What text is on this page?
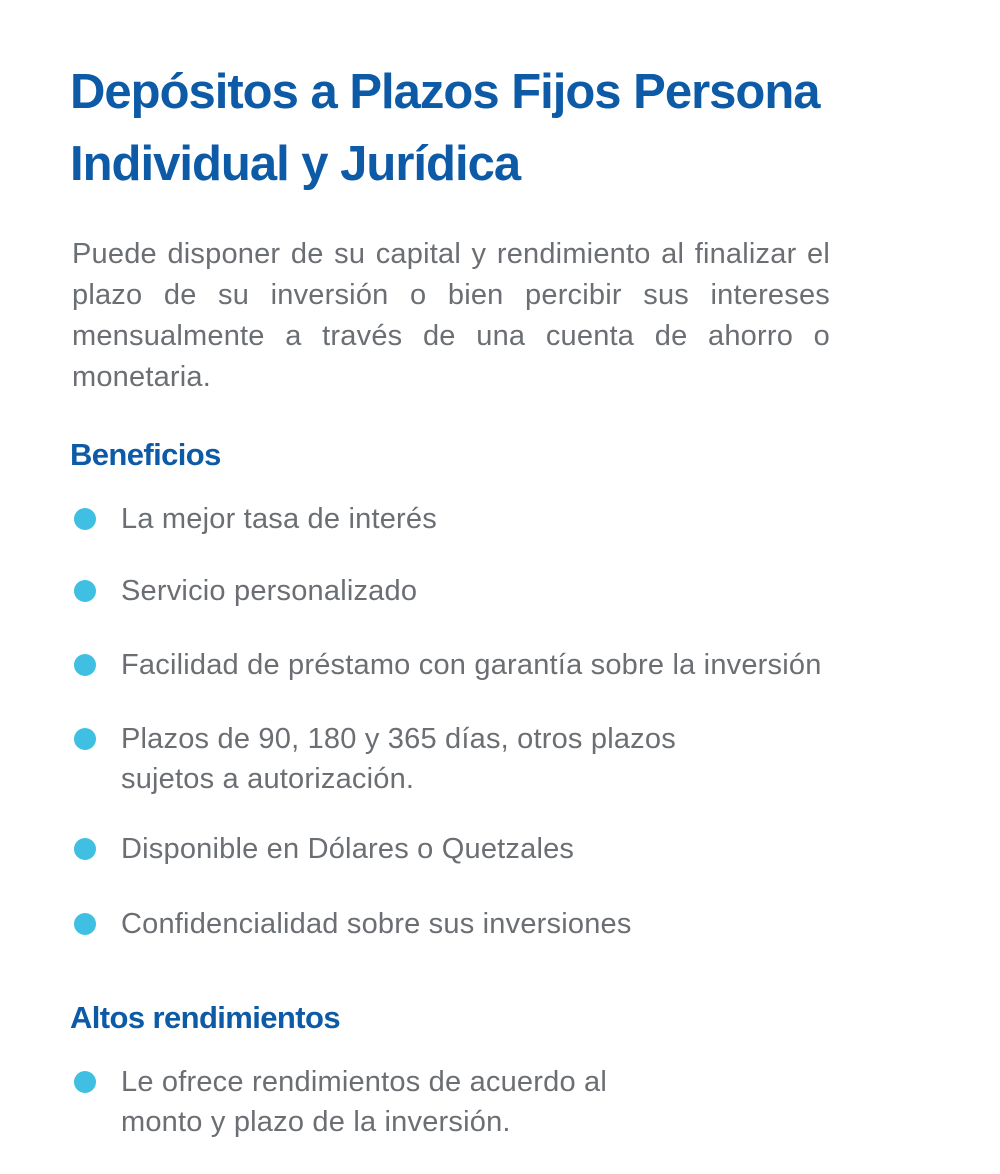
Depósitos a Plazos Fijos Persona Individual y Jurídica

Puede disponer de su capital y rendimiento al finalizar el plazo de su inversión o bien percibir sus intereses mensualmente a través de una cuenta de ahorro o monetaria.

Beneficios
La mejor tasa de interés
Servicio personalizado
Facilidad de préstamo con garantía sobre la inversión
Plazos de 90, 180 y 365 días, otros plazos
sujetos a autorización.
Disponible en Dólares o Quetzales
Confidencialidad sobre sus inversiones
Altos rendimientos
Le ofrece rendimientos de acuerdo al
monto y plazo de la inversión.
